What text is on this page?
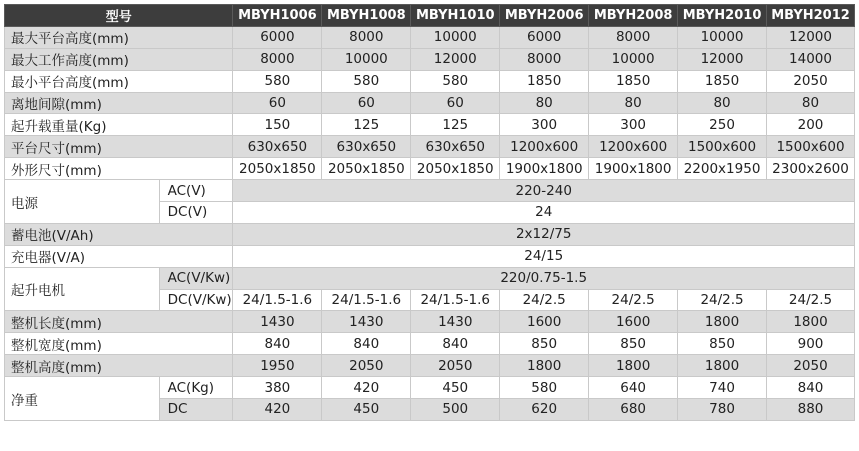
型号		MBYH1006	MBYH1008	MBYH1010	MBYH2006	MBYH2008	MBYH2010	MBYH2012
最大平台高度(mm)		6000	8000	10000	6000	8000	10000	12000
最大工作高度(mm)		8000	10000	12000	8000	10000	12000	14000
最小平台高度(mm)		580	580	580	1850	1850	1850	2050
离地间隙(mm)		60	60	60	80	80	80	80
起升载重量(Kg)		150	125	125	300	300	250	200
平台尺寸(mm)		630x650	630x650	630x650	1200x600	1200x600	1500x600	1500x600
外形尺寸(mm)		2050x1850	2050x1850	2050x1850	1900x1800	1900x1800	2200x1950	2300x2600
电源	AC(V)	220-240						
	DC(V)	24						
蓄电池(V/Ah)		2x12/75						
充电器(V/A)		24/15						
起升电机	AC(V/Kw)	220/0.75-1.5						
	DC(V/Kw)	24/1.5-1.6	24/1.5-1.6	24/1.5-1.6	24/2.5	24/2.5	24/2.5	24/2.5
整机长度(mm)		1430	1430	1430	1600	1600	1800	1800
整机宽度(mm)		840	840	840	850	850	850	900
整机高度(mm)		1950	2050	2050	1800	1800	1800	2050
净重	AC(Kg)	380	420	450	580	640	740	840
	DC	420	450	500	620	680	780	880
